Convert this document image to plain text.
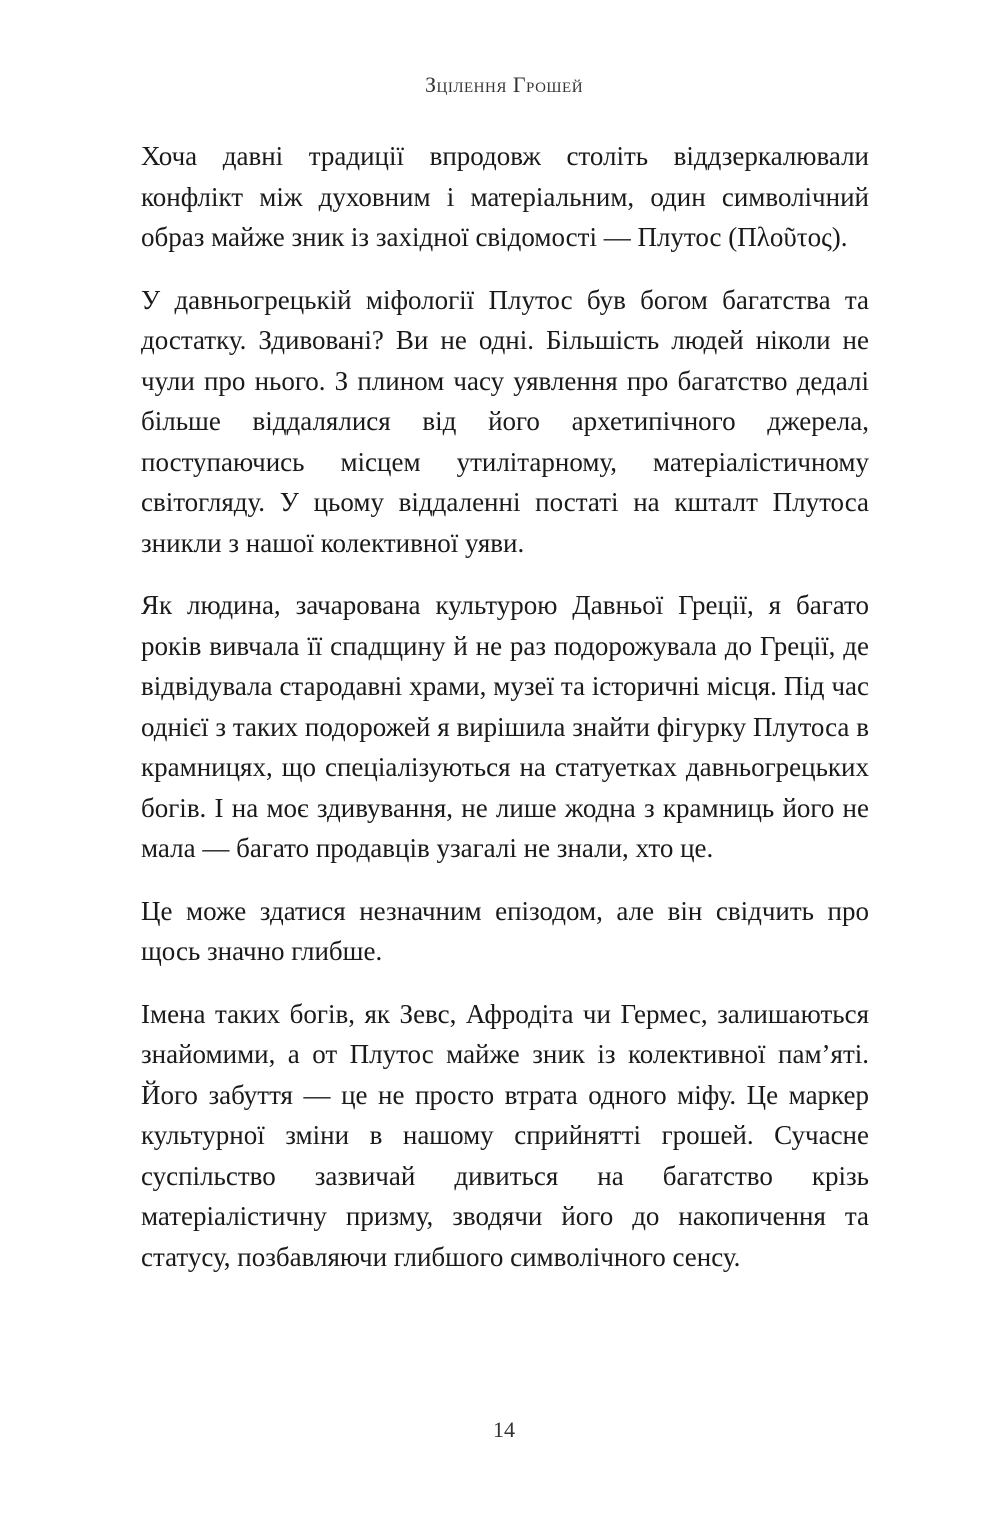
Зцілення Грошей

Хоча давні традиції впродовж століть віддзеркалювали конфлікт між духовним і матеріальним, один символічний образ майже зник із західної свідомості — Плутос (Πλοῦτος).

У давньогрецькій міфології Плутос був богом багатства та достатку. Здивовані? Ви не одні. Більшість людей ніколи не чули про нього. З плином часу уявлення про багатство дедалі більше віддалялися від його архетипічного джерела, поступаючись місцем утилітарному, матеріалістичному світогляду. У цьому віддаленні постаті на кшталт Плутоса зникли з нашої колективної уяви.

Як людина, зачарована культурою Давньої Греції, я багато років вивчала її спадщину й не раз подорожувала до Греції, де відвідувала стародавні храми, музеї та історичні місця. Під час однієї з таких подорожей я вирішила знайти фігурку Плутоса в крамницях, що спеціалізуються на статуетках давньогрецьких богів. І на моє здивування, не лише жодна з крамниць його не мала — багато продавців узагалі не знали, хто це.

Це може здатися незначним епізодом, але він свідчить про щось значно глибше.

Імена таких богів, як Зевс, Афродіта чи Гермес, залишаються знайомими, а от Плутос майже зник із колективної пам’яті. Його забуття — це не просто втрата одного міфу. Це маркер культурної зміни в нашому сприйнятті грошей. Сучасне суспільство зазвичай дивиться на багатство крізь матеріалістичну призму, зводячи його до накопичення та статусу, позбавляючи глибшого символічного сенсу.

14
